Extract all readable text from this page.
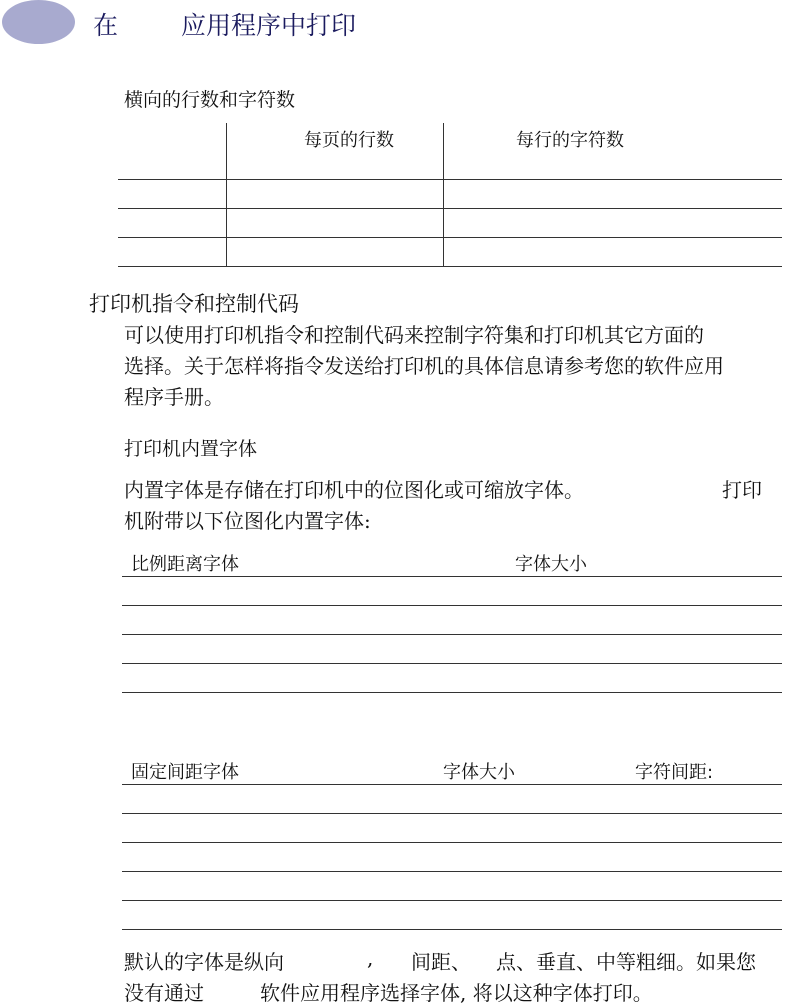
在	应用程序中打印
横向的行数和字符数
每页的行数	每行的字符数
打印机指令和控制代码
可以使用打印机指令和控制代码来控制字符集和打印机其它方面的
选择。关于怎样将指令发送给打印机的具体信息请参考您的软件应用
程序手册。
打印机内置字体
内置字体是存储在打印机中的位图化或可缩放字体。	打印
机附带以下位图化内置字体:
比例距离字体	字体大小
固定间距字体	字体大小	字符间距:
默认的字体是纵向	, 间距、 点、垂直、中等粗细。如果您
没有通过	软件应用程序选择字体, 将以这种字体打印。
